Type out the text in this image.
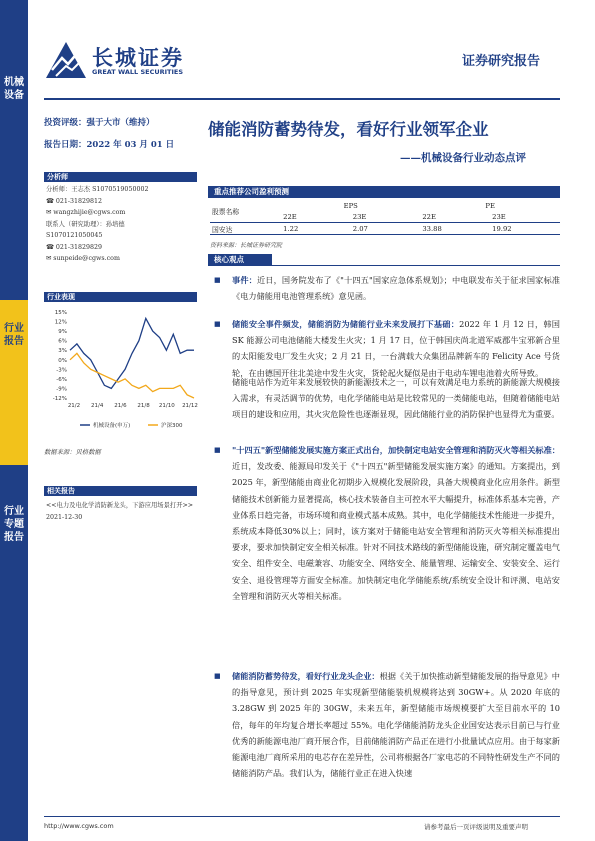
机械设备
行业报告
行业专题报告
长城证券
GREAT WALL SECURITIES
证券研究报告
投资评级：强于大市（维持）
报告日期：2022 年 03 月 01 日
储能消防蓄势待发，看好行业领军企业
——机械设备行业动态点评
分析师
分析师：王志杰 S1070519050002
☎ 021-31829812
✉ wangzhijie@cgws.com
联系人（研究助理）：孙培德
S1070121050045
☎ 021-31829829
✉ sunpeide@cgws.com
行业表现
15%
12%
9%
6%
3%
0%
-3%
-6%
-9%
-12%
21/2 21/4 21/6 21/8 21/10 21/12
机械设备(申万)	沪深300
数据来源：贝格数据
相关报告
<<电力及电化学消防新龙头，下游应用场景打开>> 2021-12-30
重点推荐公司盈利预测
股票名称	EPS		PE	
	22E	23E	22E	23E
国安达	1.22	2.07	33.88	19.92
资料来源：长城证券研究院
核心观点
■ 事件：近日，国务院发布了《"十四五"国家应急体系规划》；中电联发布关于征求国家标准《电力储能用电池管理系统》意见函。
■ 储能安全事件频发，储能消防为储能行业未来发展打下基础：2022 年 1 月 12 日，韩国 SK 能源公司电池储能大楼发生火灾；1 月 17 日，位于韩国庆尚北道军威郡牛宝邪新合里的太阳能发电厂发生火灾；2 月 21 日，一台满载大众集团品牌新车的 Felicity Ace 号货轮，在由德国开往北美途中发生火灾，货轮起火疑似是由于电动车锂电池着火所导致。
储能电站作为近年来发展较快的新能源技术之一，可以有效满足电力系统的新能源大规模接入需求，有灵活调节的优势，电化学储能电站是比较常见的一类储能电站，但随着储能电站项目的建设和应用，其火灾危险性也逐渐显现，因此储能行业的消防保护也显得尤为重要。
■ "十四五"新型储能发展实施方案正式出台，加快制定电站安全管理和消防灭火等相关标准：近日，发改委、能源局印发关于《"十四五"新型储能发展实施方案》的通知。方案提出，到 2025 年，新型储能由商业化初期步入规模化发展阶段，具备大规模商业化应用条件。新型储能技术创新能力显著提高，核心技术装备自主可控水平大幅提升，标准体系基本完善，产业体系日趋完备，市场环境和商业模式基本成熟。其中，电化学储能技术性能进一步提升，系统成本降低30%以上；同时，该方案对于储能电站安全管理和消防灭火等相关标准提出要求，要求加快制定安全相关标准。针对不同技术路线的新型储能设施，研究制定覆盖电气安全、组件安全、电磁兼容、功能安全、网络安全、能量管理、运输安全、安装安全、运行安全、退役管理等方面安全标准。加快制定电化学储能系统/系统安全设计和评测、电站安全管理和消防灭火等相关标准。
■ 储能消防蓄势待发，看好行业龙头企业：根据《关于加快推动新型储能发展的指导意见》中的指导意见，预计到 2025 年实现新型储能装机规模将达到 30GW+。从 2020 年底的 3.28GW 到 2025 年的 30GW，未来五年，新型储能市场规模要扩大至目前水平的 10 倍，每年的年均复合增长率超过 55%。电化学储能消防龙头企业国安达表示目前已与行业优秀的新能源电池厂商开展合作，目前储能消防产品正在进行小批量试点应用。由于每家新能源电池厂商所采用的电芯存在差异性，公司将根据各厂家电芯的不同特性研发生产不同的储能消防产品。我们认为，储能行业正在进入快速
http://www.cgws.com	请参考最后一页评级说明及重要声明
